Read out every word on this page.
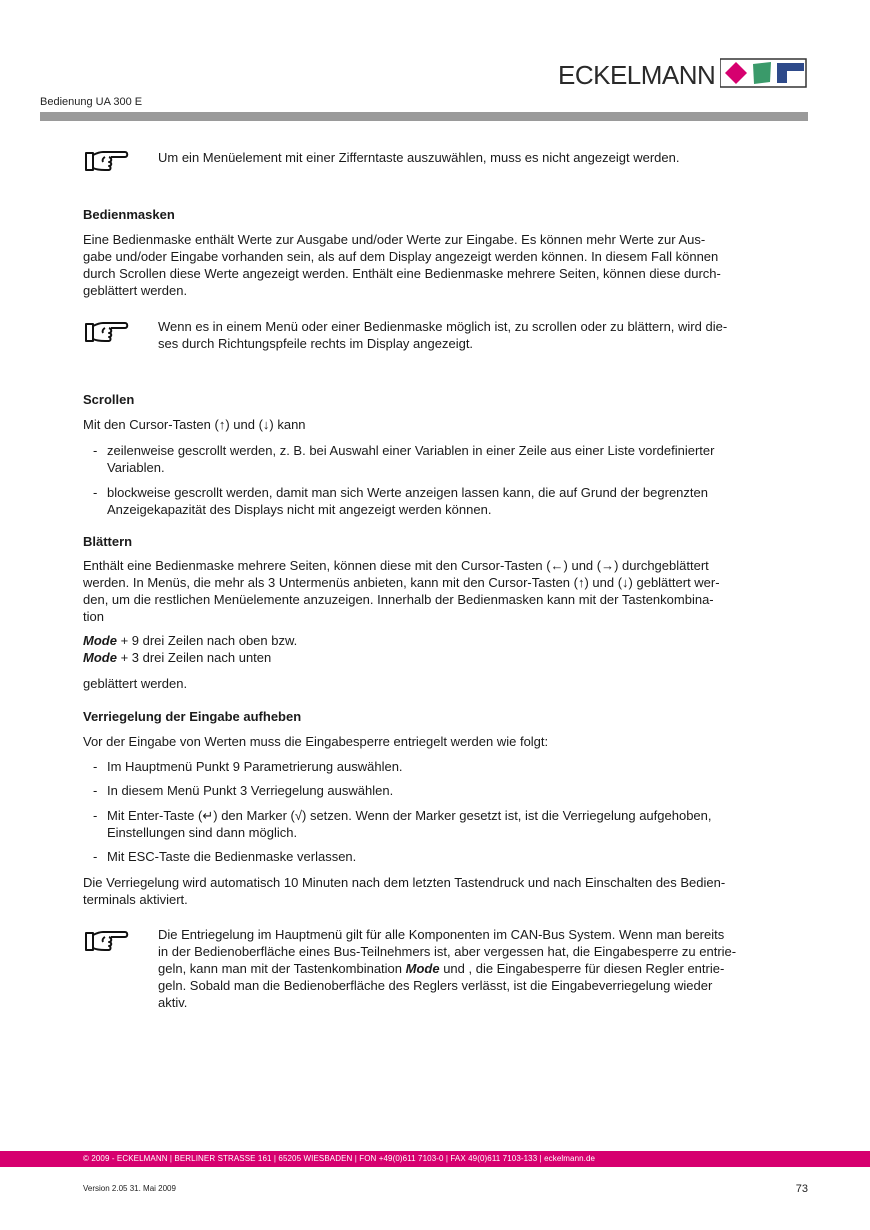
ECKELMANN
Bedienung UA 300 E
Um ein Menüelement mit einer Zifferntaste auszuwählen, muss es nicht angezeigt werden.
Bedienmasken
Eine Bedienmaske enthält Werte zur Ausgabe und/oder Werte zur Eingabe. Es können mehr Werte zur Aus-
gabe und/oder Eingabe vorhanden sein, als auf dem Display angezeigt werden können. In diesem Fall können
durch Scrollen diese Werte angezeigt werden. Enthält eine Bedienmaske mehrere Seiten, können diese durch-
geblättert werden.
Wenn es in einem Menü oder einer Bedienmaske möglich ist, zu scrollen oder zu blättern, wird die-
ses durch Richtungspfeile rechts im Display angezeigt.
Scrollen
Mit den Cursor-Tasten (↑) und (↓) kann
- zeilenweise gescrollt werden, z. B. bei Auswahl einer Variablen in einer Zeile aus einer Liste vordefinierter
Variablen.
- blockweise gescrollt werden, damit man sich Werte anzeigen lassen kann, die auf Grund der begrenzten
Anzeigekapazität des Displays nicht mit angezeigt werden können.
Blättern
Enthält eine Bedienmaske mehrere Seiten, können diese mit den Cursor-Tasten (←) und (→) durchgeblättert
werden. In Menüs, die mehr als 3 Untermenüs anbieten, kann mit den Cursor-Tasten (↑) und (↓) geblättert wer-
den, um die restlichen Menüelemente anzuzeigen. Innerhalb der Bedienmasken kann mit der Tastenkombina-
tion
Mode + 9 drei Zeilen nach oben bzw.
Mode + 3 drei Zeilen nach unten
geblättert werden.
Verriegelung der Eingabe aufheben
Vor der Eingabe von Werten muss die Eingabesperre entriegelt werden wie folgt:
- Im Hauptmenü Punkt 9 Parametrierung auswählen.
- In diesem Menü Punkt 3 Verriegelung auswählen.
- Mit Enter-Taste (↵) den Marker (√) setzen. Wenn der Marker gesetzt ist, ist die Verriegelung aufgehoben,
Einstellungen sind dann möglich.
- Mit ESC-Taste die Bedienmaske verlassen.
Die Verriegelung wird automatisch 10 Minuten nach dem letzten Tastendruck und nach Einschalten des Bedien-
terminals aktiviert.
Die Entriegelung im Hauptmenü gilt für alle Komponenten im CAN-Bus System. Wenn man bereits
in der Bedienoberfläche eines Bus-Teilnehmers ist, aber vergessen hat, die Eingabesperre zu entrie-
geln, kann man mit der Tastenkombination Mode und , die Eingabesperre für diesen Regler entrie-
geln. Sobald man die Bedienoberfläche des Reglers verlässt, ist die Eingabeverriegelung wieder
aktiv.
© 2009 - ECKELMANN | BERLINER STRASSE 161 | 65205 WIESBADEN | FON +49(0)611 7103-0 | FAX 49(0)611 7103-133 | eckelmann.de
Version 2.05 31. Mai 2009	73
